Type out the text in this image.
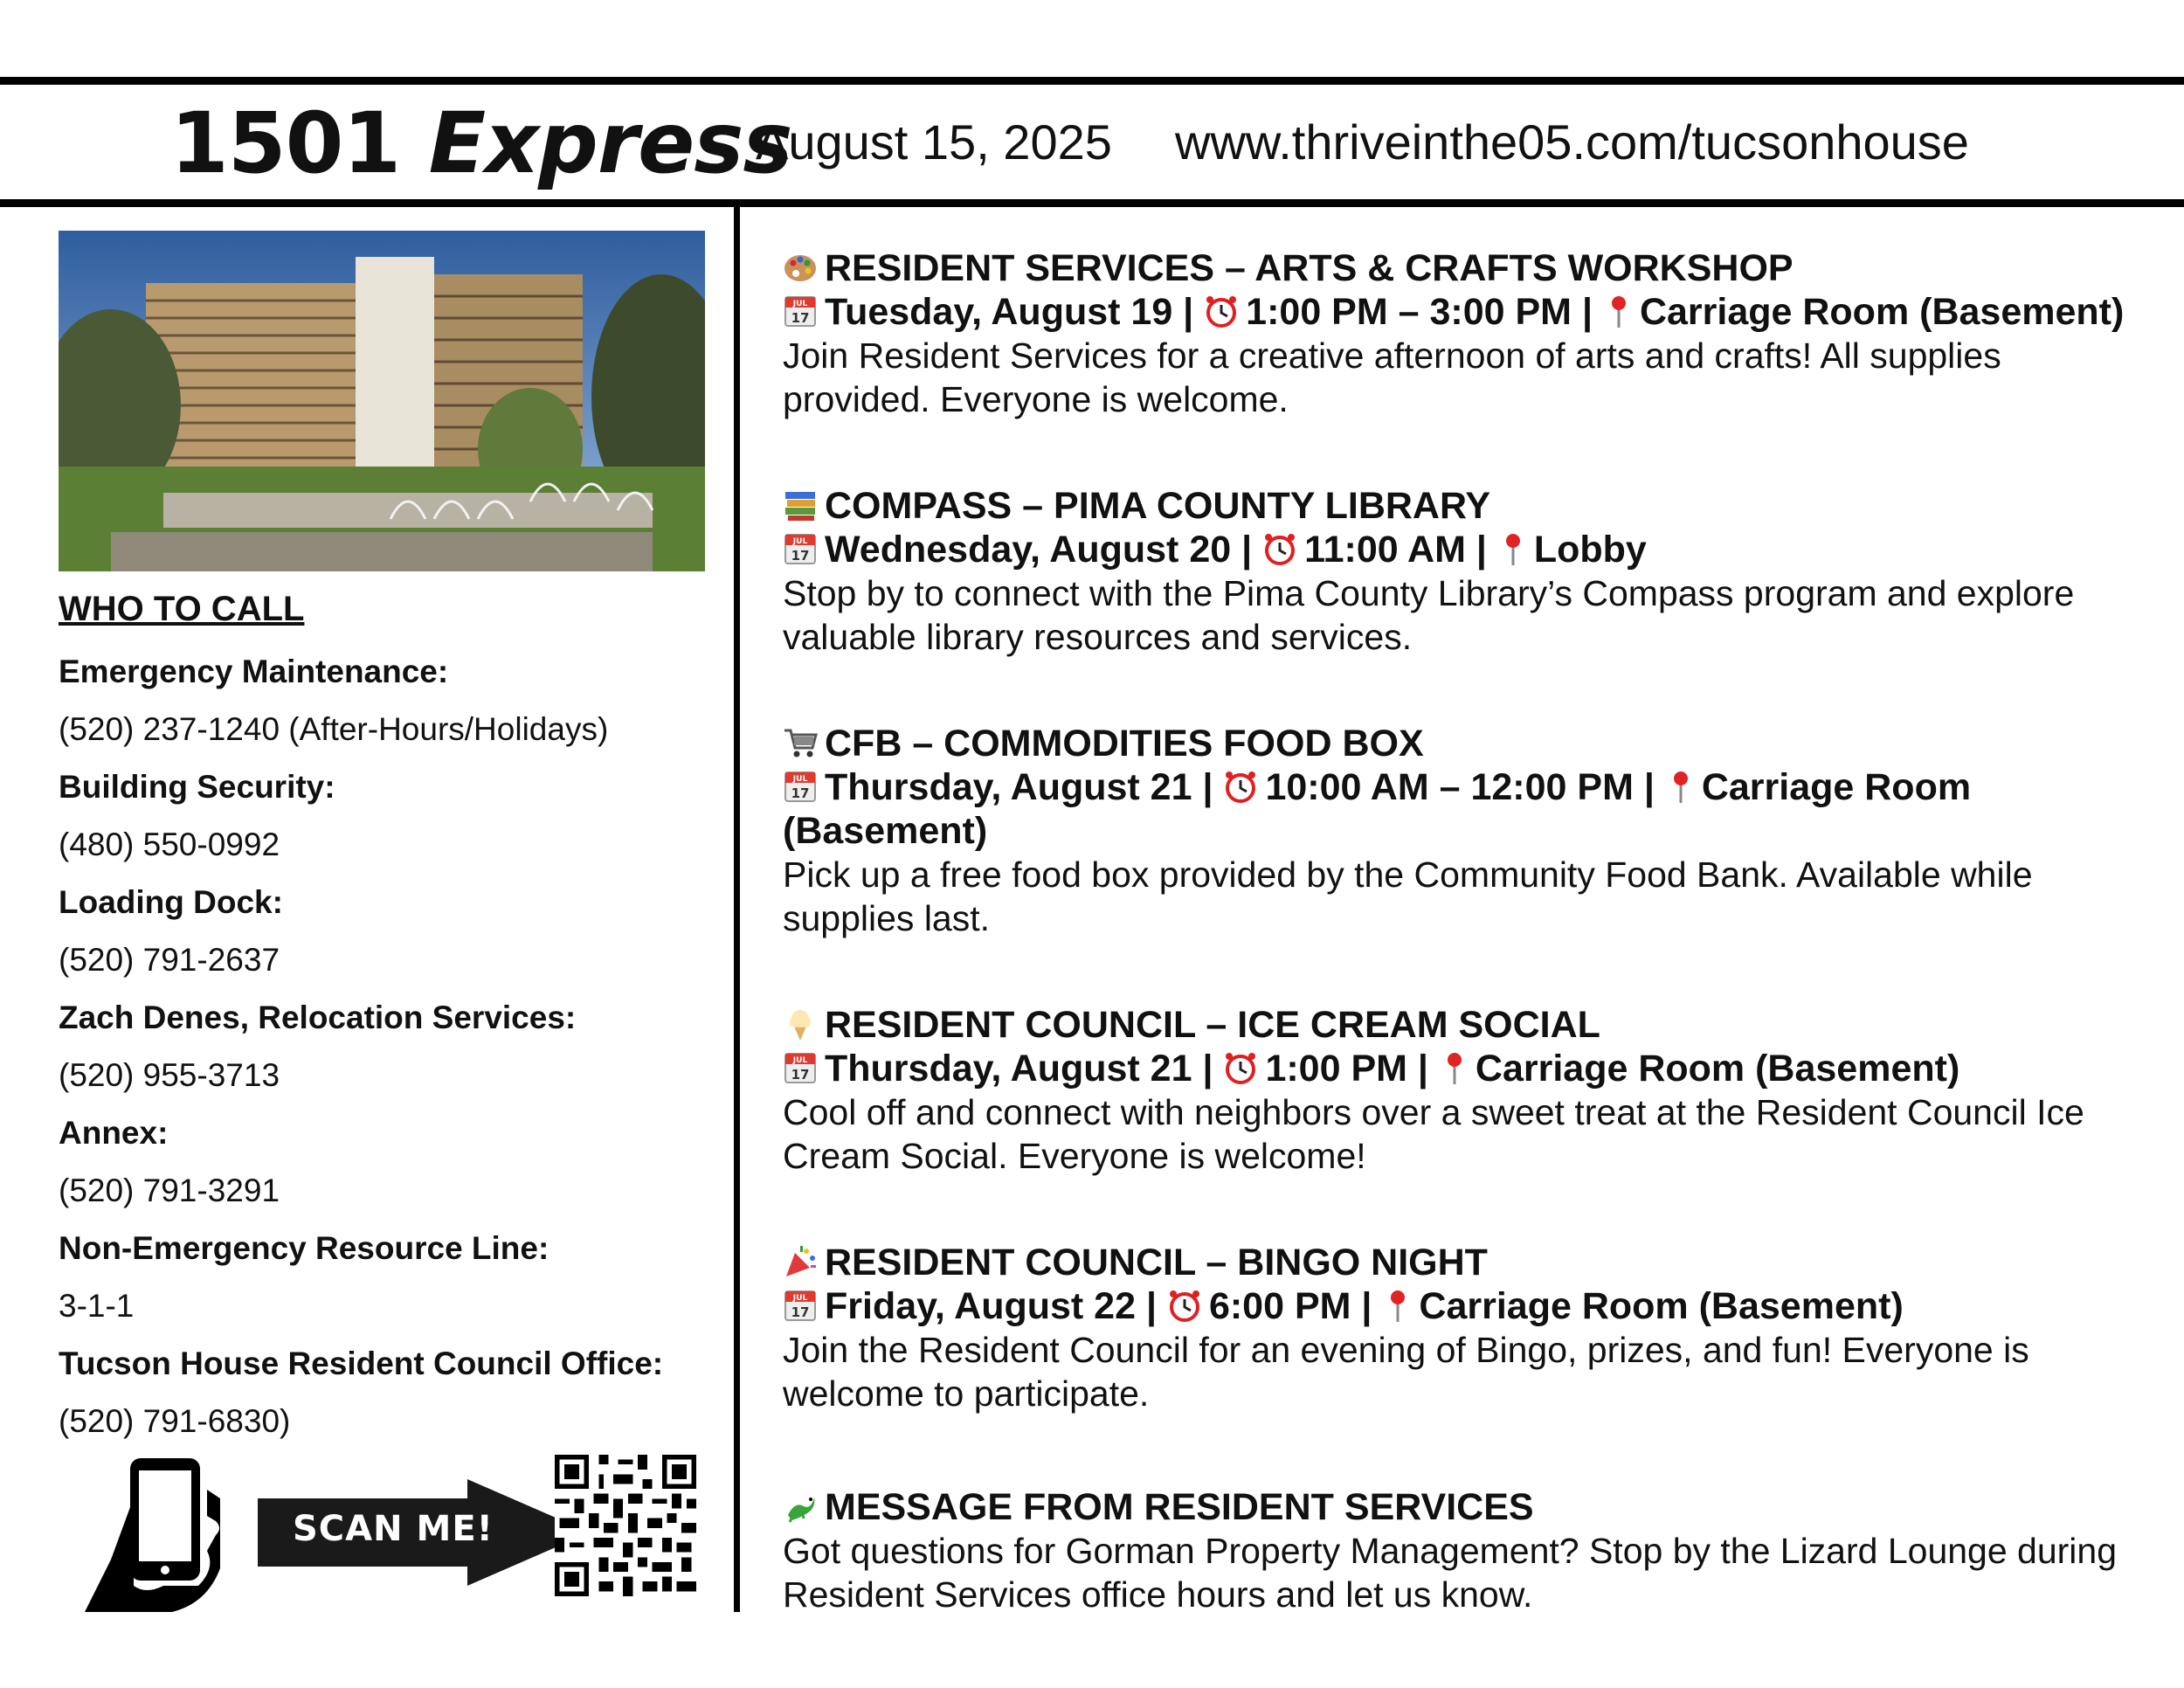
1501 Express
August 15, 2025 www.thriveinthe05.com/tucsonhouse
WHO TO CALL
Emergency Maintenance:
(520) 237-1240 (After-Hours/Holidays)
Building Security:
(480) 550-0992
Loading Dock:
(520) 791-2637
Zach Denes, Relocation Services:
(520) 955-3713
Annex:
(520) 791-3291
Non-Emergency Resource Line:
3-1-1
Tucson House Resident Council Office:
(520) 791-6830)
SCAN ME!
RESIDENT SERVICES – ARTS & CRAFTS WORKSHOP
JUL
17 Tuesday, August 19 | 1:00 PM – 3:00 PM | Carriage Room (Basement)
Join Resident Services for a creative afternoon of arts and crafts! All supplies provided. Everyone is welcome.
COMPASS – PIMA COUNTY LIBRARY
JUL
17 Wednesday, August 20 | 11:00 AM | Lobby
Stop by to connect with the Pima County Library’s Compass program and explore valuable library resources and services.
CFB – COMMODITIES FOOD BOX
JUL
17 Thursday, August 21 | 10:00 AM – 12:00 PM | Carriage Room (Basement)
Pick up a free food box provided by the Community Food Bank. Available while supplies last.
RESIDENT COUNCIL – ICE CREAM SOCIAL
JUL
17 Thursday, August 21 | 1:00 PM | Carriage Room (Basement)
Cool off and connect with neighbors over a sweet treat at the Resident Council Ice Cream Social. Everyone is welcome!
RESIDENT COUNCIL – BINGO NIGHT
JUL
17 Friday, August 22 | 6:00 PM | Carriage Room (Basement)
Join the Resident Council for an evening of Bingo, prizes, and fun! Everyone is welcome to participate.
MESSAGE FROM RESIDENT SERVICES
Got questions for Gorman Property Management? Stop by the Lizard Lounge during Resident Services office hours and let us know.
